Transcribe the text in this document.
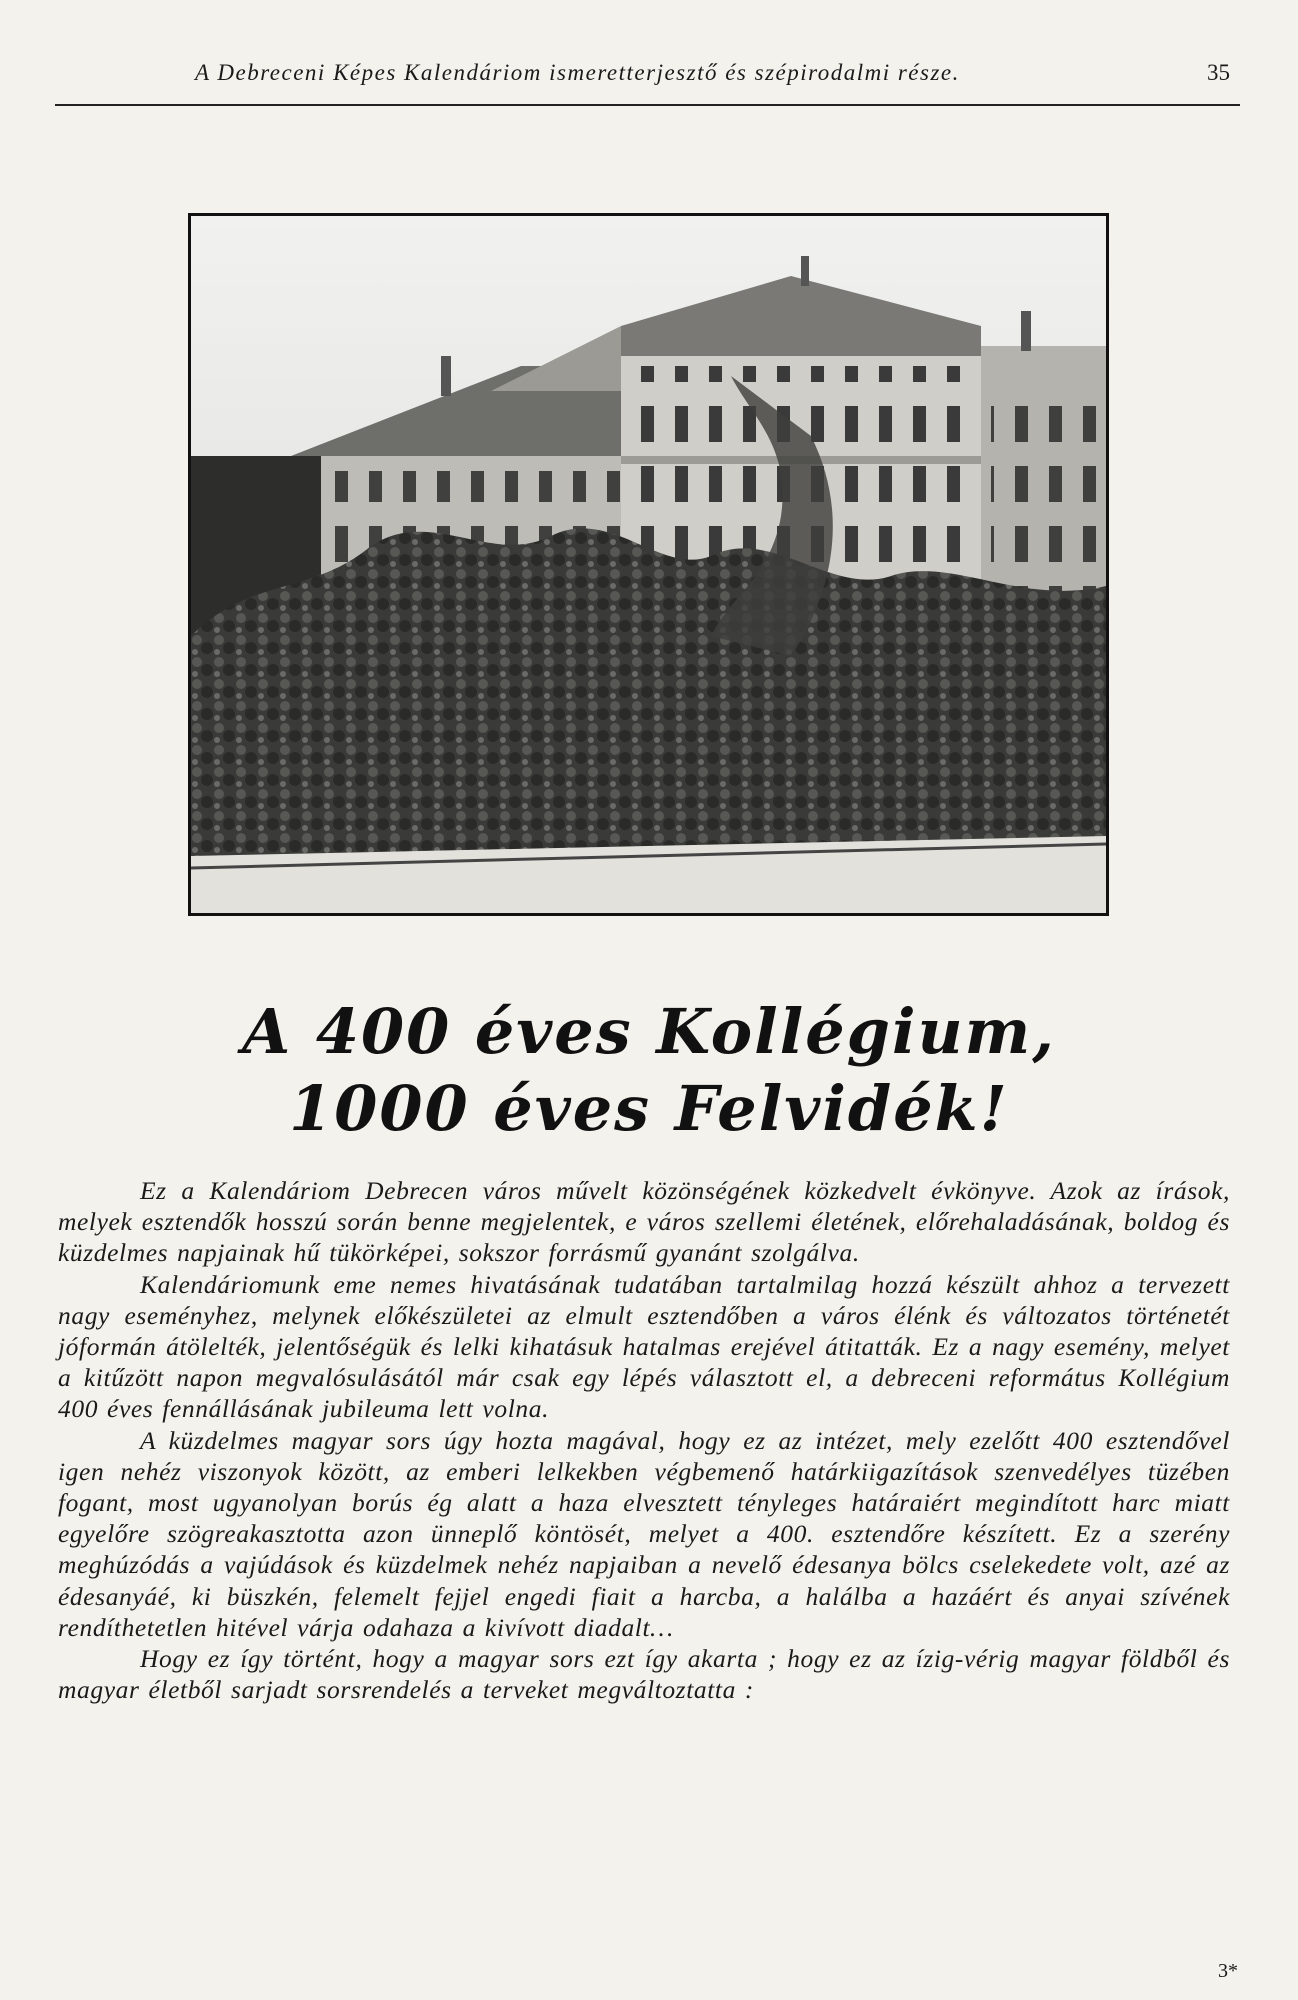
A Debreceni Képes Kalendáriom ismeretterjesztő és szépirodalmi része.	35
A 400 éves Kollégium,
1000 éves Felvidék!

Ez a Kalendáriom Debrecen város művelt közönségének közkedvelt évkönyve. Azok az írások, melyek esztendők hosszú során benne megjelentek, e város szellemi életének, előrehaladásának, boldog és küzdelmes napjainak hű tükörképei, sokszor forrásmű gyanánt szolgálva.

Kalendáriomunk eme nemes hivatásának tudatában tartalmilag hozzá készült ahhoz a tervezett nagy eseményhez, melynek előkészületei az elmult esztendőben a város élénk és változatos történetét jóformán átölelték, jelentőségük és lelki kihatásuk hatalmas erejével átitatták. Ez a nagy esemény, melyet a kitűzött napon megvalósulásától már csak egy lépés választott el, a debreceni református Kollégium 400 éves fennállásának jubileuma lett volna.

A küzdelmes magyar sors úgy hozta magával, hogy ez az intézet, mely ezelőtt 400 esztendővel igen nehéz viszonyok között, az emberi lelkekben végbemenő határkiigazítások szenvedélyes tüzében fogant, most ugyanolyan borús ég alatt a haza elvesztett tényleges határaiért megindított harc miatt egyelőre szögreakasztotta azon ünneplő köntösét, melyet a 400. esztendőre készített. Ez a szerény meghúzódás a vajúdások és küzdelmek nehéz napjaiban a nevelő édesanya bölcs cselekedete volt, azé az édesanyáé, ki büszkén, felemelt fejjel engedi fiait a harcba, a halálba a hazáért és anyai szívének rendíthetetlen hitével várja odahaza a kivívott diadalt…

Hogy ez így történt, hogy a magyar sors ezt így akarta ; hogy ez az ízig-vérig magyar földből és magyar életből sarjadt sorsrendelés a terveket megváltoztatta :

3*
